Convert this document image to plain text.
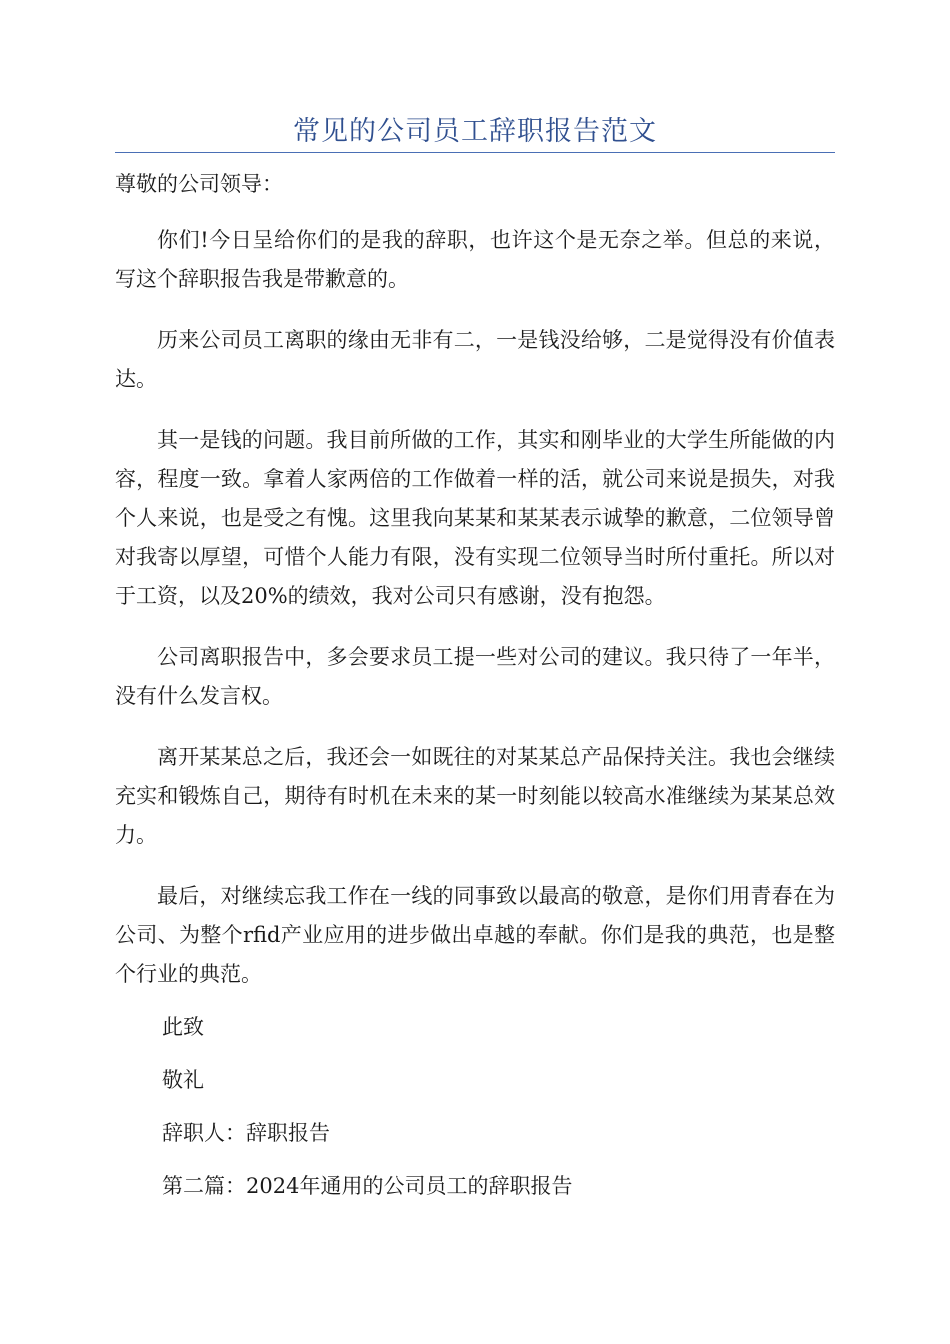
常见的公司员工辞职报告范文

尊敬的公司领导：

你们!今日呈给你们的是我的辞职，也许这个是无奈之举。但总的来说，写这个辞职报告我是带歉意的。

历来公司员工离职的缘由无非有二，一是钱没给够，二是觉得没有价值表达。

其一是钱的问题。我目前所做的工作，其实和刚毕业的大学生所能做的内容，程度一致。拿着人家两倍的工作做着一样的活，就公司来说是损失，对我个人来说，也是受之有愧。这里我向某某和某某表示诚挚的歉意，二位领导曾对我寄以厚望，可惜个人能力有限，没有实现二位领导当时所付重托。所以对于工资，以及20%的绩效，我对公司只有感谢，没有抱怨。

公司离职报告中，多会要求员工提一些对公司的建议。我只待了一年半，没有什么发言权。

离开某某总之后，我还会一如既往的对某某总产品保持关注。我也会继续充实和锻炼自己，期待有时机在未来的某一时刻能以较高水准继续为某某总效力。

最后，对继续忘我工作在一线的同事致以最高的敬意，是你们用青春在为公司、为整个rfid产业应用的进步做出卓越的奉献。你们是我的典范，也是整个行业的典范。

此致

敬礼

辞职人：辞职报告

第二篇：2024年通用的公司员工的辞职报告
